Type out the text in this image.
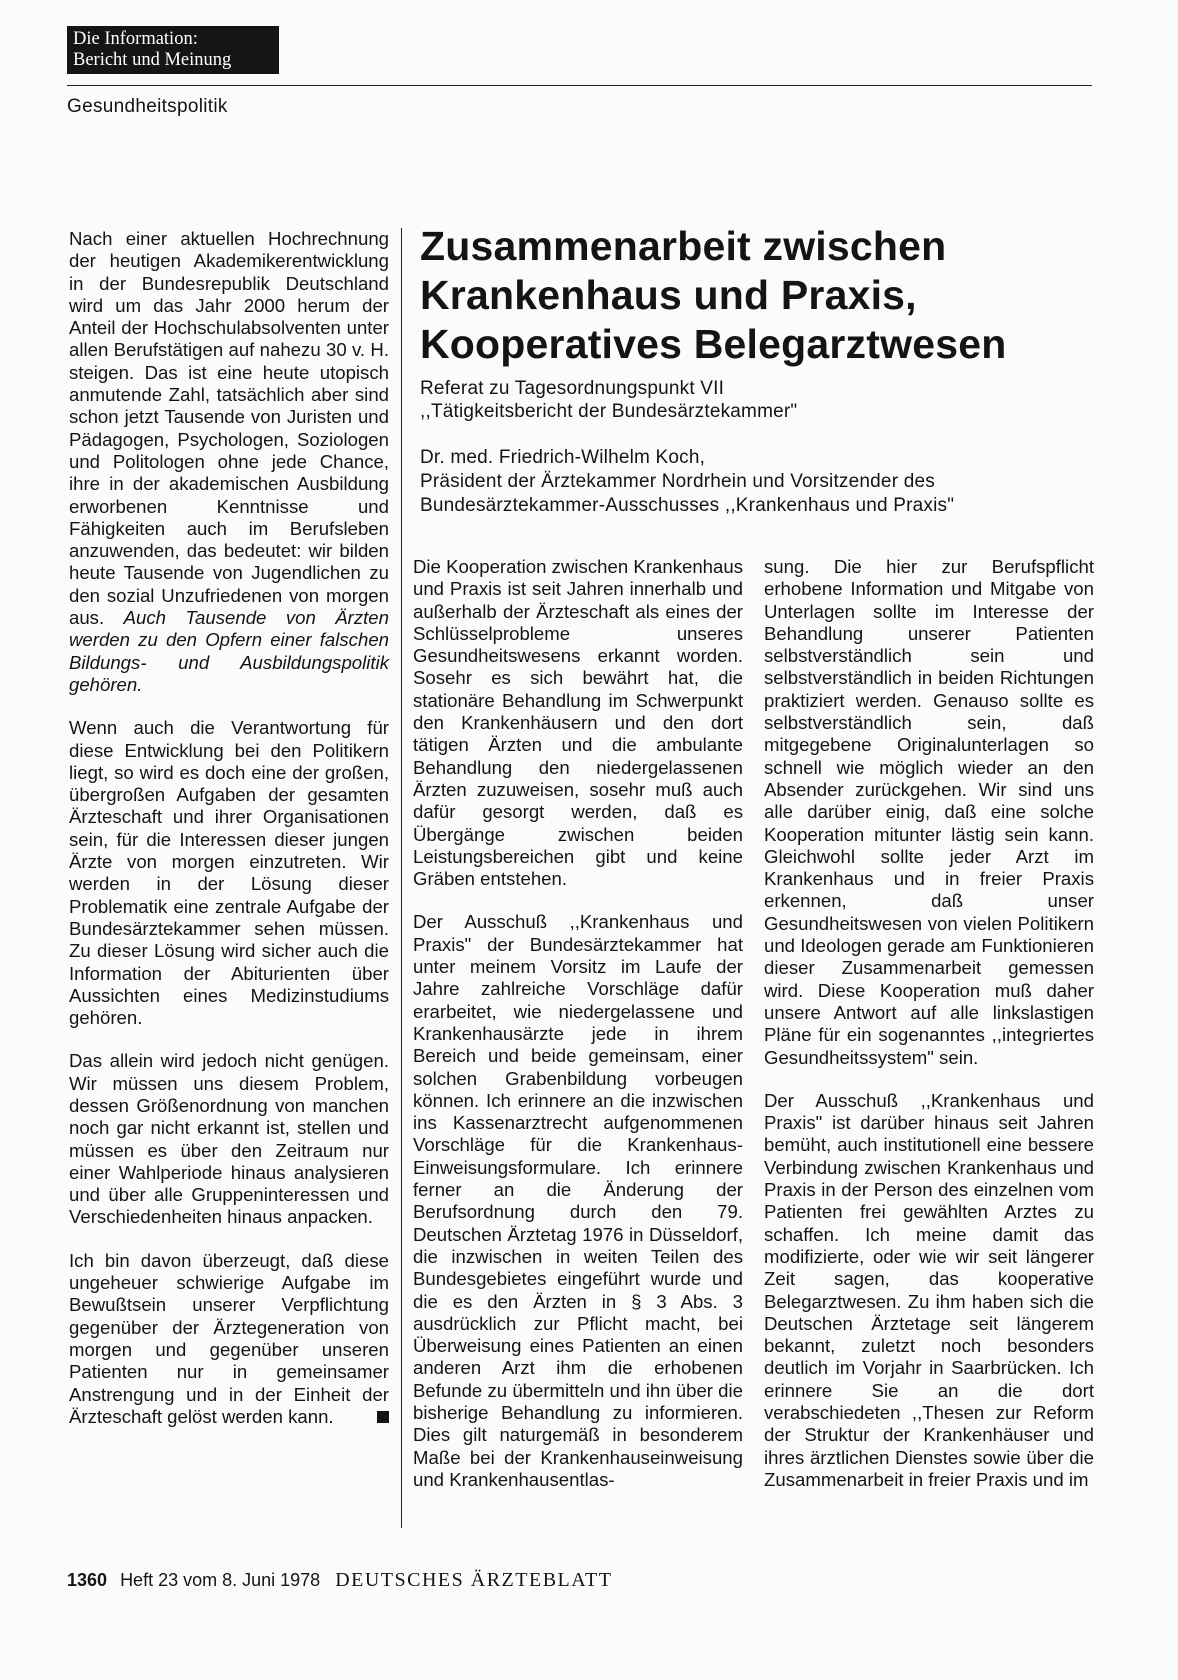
Die Information:
Bericht und Meinung
Gesundheitspolitik

Nach einer aktuellen Hochrechnung der heutigen Akademikerentwicklung in der Bundesrepublik Deutschland wird um das Jahr 2000 herum der Anteil der Hochschulabsolventen unter allen Berufstätigen auf nahezu 30 v. H. steigen. Das ist eine heute utopisch anmutende Zahl, tatsächlich aber sind schon jetzt Tausende von Juristen und Pädagogen, Psychologen, Soziologen und Politologen ohne jede Chance, ihre in der akademischen Ausbildung erworbenen Kenntnisse und Fähigkeiten auch im Berufsleben anzuwenden, das bedeutet: wir bilden heute Tausende von Jugendlichen zu den sozial Unzufriedenen von morgen aus. Auch Tausende von Ärzten werden zu den Opfern einer falschen Bildungs- und Ausbildungspolitik gehören.

Wenn auch die Verantwortung für diese Entwicklung bei den Politikern liegt, so wird es doch eine der großen, übergroßen Aufgaben der gesamten Ärzteschaft und ihrer Organisationen sein, für die Interessen dieser jungen Ärzte von morgen einzutreten. Wir werden in der Lösung dieser Problematik eine zentrale Aufgabe der Bundesärztekammer sehen müssen. Zu dieser Lösung wird sicher auch die Information der Abiturienten über Aussichten eines Medizinstudiums gehören.

Das allein wird jedoch nicht genügen. Wir müssen uns diesem Problem, dessen Größenordnung von manchen noch gar nicht erkannt ist, stellen und müssen es über den Zeitraum nur einer Wahlperiode hinaus analysieren und über alle Gruppeninteressen und Verschiedenheiten hinaus anpacken.

Ich bin davon überzeugt, daß diese ungeheuer schwierige Aufgabe im Bewußtsein unserer Verpflichtung gegenüber der Ärztegeneration von morgen und gegenüber unseren Patienten nur in gemeinsamer Anstrengung und in der Einheit der Ärzteschaft gelöst werden kann.

Zusammenarbeit zwischen
Krankenhaus und Praxis,
Kooperatives Belegarztwesen
Referat zu Tagesordnungspunkt VII
,,Tätigkeitsbericht der Bundesärztekammer"
Dr. med. Friedrich-Wilhelm Koch,
Präsident der Ärztekammer Nordrhein und Vorsitzender des
Bundesärztekammer-Ausschusses ,,Krankenhaus und Praxis"

Die Kooperation zwischen Krankenhaus und Praxis ist seit Jahren innerhalb und außerhalb der Ärzteschaft als eines der Schlüsselprobleme unseres Gesundheitswesens erkannt worden. Sosehr es sich bewährt hat, die stationäre Behandlung im Schwerpunkt den Krankenhäusern und den dort tätigen Ärzten und die ambulante Behandlung den niedergelassenen Ärzten zuzuweisen, sosehr muß auch dafür gesorgt werden, daß es Übergänge zwischen beiden Leistungsbereichen gibt und keine Gräben entstehen.

Der Ausschuß ,,Krankenhaus und Praxis" der Bundesärztekammer hat unter meinem Vorsitz im Laufe der Jahre zahlreiche Vorschläge dafür erarbeitet, wie niedergelassene und Krankenhausärzte jede in ihrem Bereich und beide gemeinsam, einer solchen Grabenbildung vorbeugen können. Ich erinnere an die inzwischen ins Kassenarztrecht aufgenommenen Vorschläge für die Krankenhaus-Einweisungsformulare. Ich erinnere ferner an die Änderung der Berufsordnung durch den 79. Deutschen Ärztetag 1976 in Düsseldorf, die inzwischen in weiten Teilen des Bundesgebietes eingeführt wurde und die es den Ärzten in § 3 Abs. 3 ausdrücklich zur Pflicht macht, bei Überweisung eines Patienten an einen anderen Arzt ihm die erhobenen Befunde zu übermitteln und ihn über die bisherige Behandlung zu informieren. Dies gilt naturgemäß in besonderem Maße bei der Krankenhauseinweisung und Krankenhausentlas-

sung. Die hier zur Berufspflicht erhobene Information und Mitgabe von Unterlagen sollte im Interesse der Behandlung unserer Patienten selbstverständlich sein und selbstverständlich in beiden Richtungen praktiziert werden. Genauso sollte es selbstverständlich sein, daß mitgegebene Originalunterlagen so schnell wie möglich wieder an den Absender zurückgehen. Wir sind uns alle darüber einig, daß eine solche Kooperation mitunter lästig sein kann. Gleichwohl sollte jeder Arzt im Krankenhaus und in freier Praxis erkennen, daß unser Gesundheitswesen von vielen Politikern und Ideologen gerade am Funktionieren dieser Zusammenarbeit gemessen wird. Diese Kooperation muß daher unsere Antwort auf alle linkslastigen Pläne für ein sogenanntes ,,integriertes Gesundheitssystem" sein.

Der Ausschuß ,,Krankenhaus und Praxis" ist darüber hinaus seit Jahren bemüht, auch institutionell eine bessere Verbindung zwischen Krankenhaus und Praxis in der Person des einzelnen vom Patienten frei gewählten Arztes zu schaffen. Ich meine damit das modifizierte, oder wie wir seit längerer Zeit sagen, das kooperative Belegarztwesen. Zu ihm haben sich die Deutschen Ärztetage seit längerem bekannt, zuletzt noch besonders deutlich im Vorjahr in Saarbrücken. Ich erinnere Sie an die dort verabschiedeten ,,Thesen zur Reform der Struktur der Krankenhäuser und ihres ärztlichen Dienstes sowie über die Zusammenarbeit in freier Praxis und im

1360 Heft 23 vom 8. Juni 1978 DEUTSCHES ÄRZTEBLATT
